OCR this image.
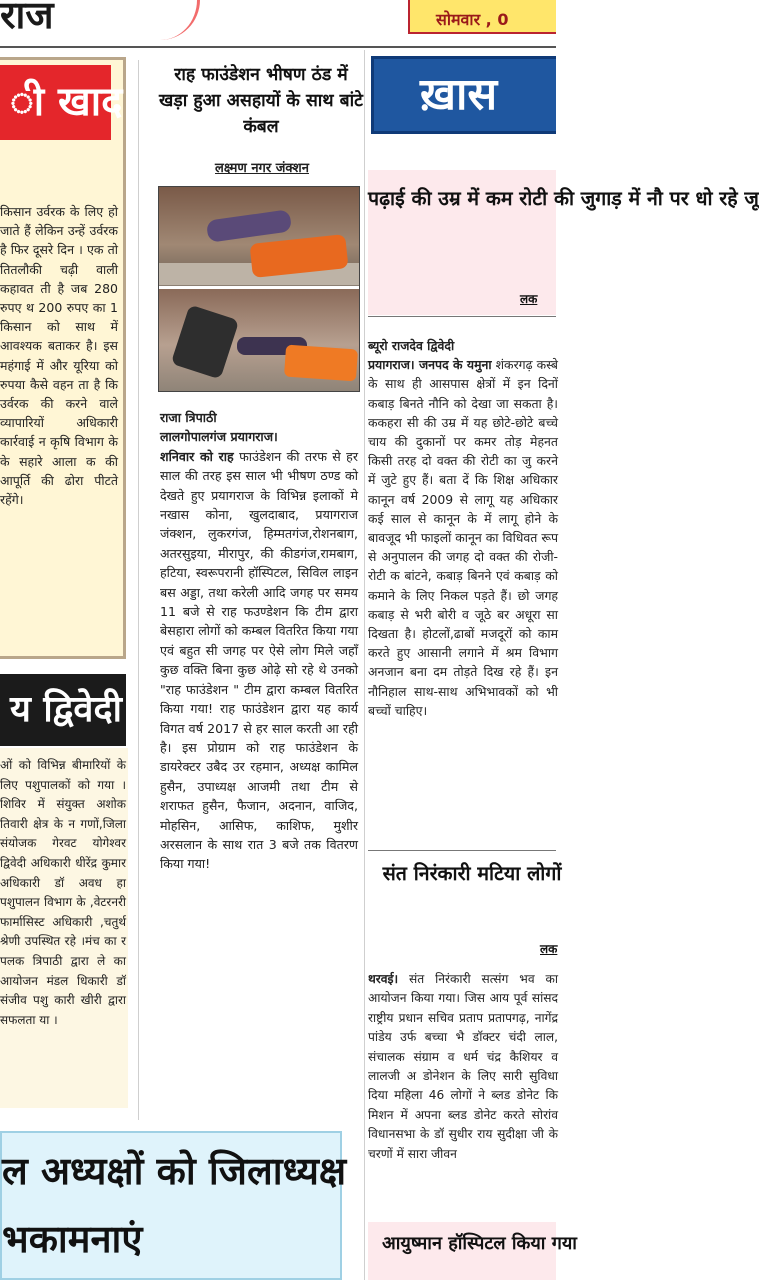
राज	सोमवार , 0
ी खाद
किसान उर्वरक के लिए हो जाते हैं लेकिन उन्हें उर्वरक है फिर दूसरे दिन । एक तो तितलौकी चढ़ी वाली कहावत ती है जब 280 रुपए थ 200 रुपए का 1 किसान को साथ में आवश्यक बताकर है। इस महंगाई में और यूरिया को रुपया कैसे वहन ता है कि उर्वरक की करने वाले व्यापारियों अधिकारी कार्रवाई न कृषि विभाग के के सहारे आला क की आपूर्ति की ढोरा पीटते रहेंगे।
य द्विवेदी
ओं को विभिन्न बीमारियों के लिए पशुपालकों को गया । शिविर में संयुक्त अशोक तिवारी क्षेत्र के न गणों,जिला संयोजक गेरवट योगेश्वर द्विवेदी अधिकारी धीरेंद्र कुमार अधिकारी डॉ अवध हा पशुपालन विभाग के ,वेटरनरी फार्मासिस्ट अधिकारी ,चतुर्थ श्रेणी उपस्थित रहे ।मंच का र पलक त्रिपाठी द्वारा ले का आयोजन मंडल धिकारी डॉ संजीव पशु कारी खीरी द्वारा सफलता या ।
ल अध्यक्षों को जिलाध्यक्ष
भकामनाएं
राह फाउंडेशन भीषण ठंड में खड़ा हुआ असहायों के साथ बांटे कंबल
लक्ष्मण नगर जंक्शन
राजा त्रिपाठी
लालगोपालगंज प्रयागराज।
शनिवार को राह फाउंडेशन की तरफ से हर साल की तरह इस साल भी भीषण ठण्ड को देखते हुए प्रयागराज के विभिन्न इलाकों मे नखास कोना, खुलदाबाद, प्रयागराज जंक्शन, लुकरगंज, हिम्मतगंज,रोशनबाग, अतरसुइया, मीरापुर, की कीडगंज,रामबाग, हटिया, स्वरूपरानी हॉस्पिटल, सिविल लाइन बस अड्डा, तथा करेली आदि जगह पर समय 11 बजे से राह फउण्डेशन कि टीम द्वारा बेसहारा लोगों को कम्बल वितरित किया गया एवं बहुत सी जगह पर ऐसे लोग मिले जहाँ कुछ वक्ति बिना कुछ ओढ़े सो रहे थे उनको "राह फाउंडेशन " टीम द्वारा कम्बल वितरित किया गया! राह फाउंडेशन द्वारा यह कार्य विगत वर्ष 2017 से हर साल करती आ रही है। इस प्रोग्राम को राह फाउंडेशन के डायरेक्टर उबैद उर रहमान, अध्यक्ष कामिल हुसैन, उपाध्यक्ष आजमी तथा टीम से शराफत हुसैन, फैजान, अदनान, वाजिद, मोहसिन, आसिफ, काशिफ, मुशीर अरसलान के साथ रात 3 बजे तक वितरण किया गया!
ख़ास
पढ़ाई की उम्र में कम रोटी की जुगाड़ में नौ पर धो रहे जू
लक
ब्यूरो राजदेव द्विवेदी
प्रयागराज। जनपद के यमुना शंकरगढ़ कस्बे के साथ ही आसपास क्षेत्रों में इन दिनों कबाड़ बिनते नौनि को देखा जा सकता है। ककहरा सी की उम्र में यह छोटे-छोटे बच्चे चाय की दुकानों पर कमर तोड़ मेहनत किसी तरह दो वक्त की रोटी का जु करने में जुटे हुए हैं। बता दें कि शिक्ष अधिकार कानून वर्ष 2009 से लागू यह अधिकार कई साल से कानून के में लागू होने के बावजूद भी फाइलों कानून का विधिवत रूप से अनुपालन की जगह दो वक्त की रोजी-रोटी क बांटने, कबाड़ बिनने एवं कबाड़ को कमाने के लिए निकल पड़ते हैं। छो जगह कबाड़ से भरी बोरी व जूठे बर अधूरा सा दिखता है। होटलों,ढाबों मजदूरों को काम करते हुए आसानी लगाने में श्रम विभाग अनजान बना दम तोड़ते दिख रहे हैं। इन नौनिहाल साथ-साथ अभिभावकों को भी बच्चों चाहिए।
संत निरंकारी मटिया लोगों
लक
थरवई। संत निरंकारी सत्संग भव का आयोजन किया गया। जिस आय पूर्व सांसद राष्ट्रीय प्रधान सचिव प्रताप प्रतापगढ़, नागेंद्र पांडेय उर्फ बच्चा भै डॉक्टर चंदी लाल, संचालक संग्राम व धर्म चंद्र कैशियर व लालजी अ डोनेशन के लिए सारी सुविधा दिया महिला 46 लोगों ने ब्लड डोनेट कि मिशन में अपना ब्लड डोनेट करते सोरांव विधानसभा के डॉ सुधीर राय सुदीक्षा जी के चरणों में सारा जीवन
आयुष्मान हॉस्पिटल किया गया
